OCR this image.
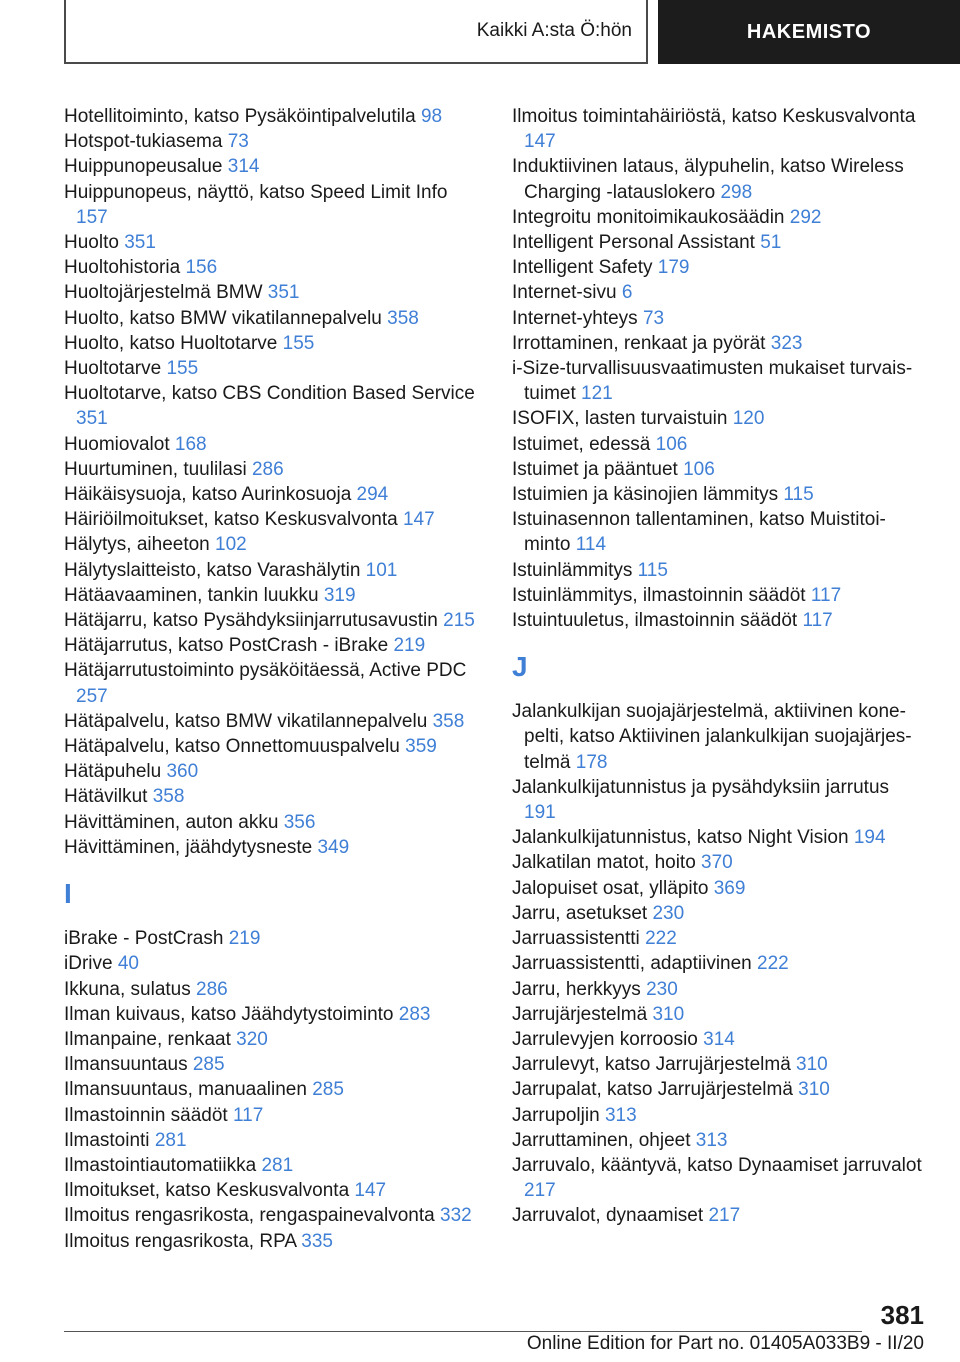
Kaikki A:sta Ö:hön	HAKEMISTO
Hotellitoiminto, katso Pysäköintipalvelutila 98
Hotspot-tukiasema 73
Huippunopeusalue 314
Huippunopeus, näyttö, katso Speed Limit Info 157
Huolto 351
Huoltohistoria 156
Huoltojärjestelmä BMW 351
Huolto, katso BMW vikatilannepalvelu 358
Huolto, katso Huoltotarve 155
Huoltotarve 155
Huoltotarve, katso CBS Condition Based Service 351
Huomiovalot 168
Huurtuminen, tuulilasi 286
Häikäisysuoja, katso Aurinkosuoja 294
Häiriöilmoitukset, katso Keskusvalvonta 147
Hälytys, aiheeton 102
Hälytyslaitteisto, katso Varashälytin 101
Hätäavaaminen, tankin luukku 319
Hätäjarru, katso Pysähdyksiinjarrutusavustin 215
Hätäjarrutus, katso PostCrash - iBrake 219
Hätäjarrutustoiminto pysäköitäessä, Active PDC 257
Hätäpalvelu, katso BMW vikatilannepalvelu 358
Hätäpalvelu, katso Onnettomuuspalvelu 359
Hätäpuhelu 360
Hätävilkut 358
Hävittäminen, auton akku 356
Hävittäminen, jäähdytysneste 349
I
iBrake - PostCrash 219
iDrive 40
Ikkuna, sulatus 286
Ilman kuivaus, katso Jäähdytystoiminto 283
Ilmanpaine, renkaat 320
Ilmansuuntaus 285
Ilmansuuntaus, manuaalinen 285
Ilmastoinnin säädöt 117
Ilmastointi 281
Ilmastointiautomatiikka 281
Ilmoitukset, katso Keskusvalvonta 147
Ilmoitus rengasrikosta, rengaspainevalvonta 332
Ilmoitus rengasrikosta, RPA 335
Ilmoitus toimintahäiriöstä, katso Keskusvalvonta 147
Induktiivinen lataus, älypuhelin, katso Wireless Charging -latauslokero 298
Integroitu monitoimikaukosäädin 292
Intelligent Personal Assistant 51
Intelligent Safety 179
Internet-sivu 6
Internet-yhteys 73
Irrottaminen, renkaat ja pyörät 323
i-Size-turvallisuusvaatimusten mukaiset turvaistuimet 121
ISOFIX, lasten turvaistuin 120
Istuimet, edessä 106
Istuimet ja pääntuet 106
Istuimien ja käsinojien lämmitys 115
Istuinasennon tallentaminen, katso Muistitoiminto 114
Istuinlämmitys 115
Istuinlämmitys, ilmastoinnin säädöt 117
Istuintuuletus, ilmastoinnin säädöt 117
J
Jalankulkijan suojajärjestelmä, aktiivinen konepelti, katso Aktiivinen jalankulkijan suojajärjestelmä 178
Jalankulkijatunnistus ja pysähdyksiin jarrutus 191
Jalankulkijatunnistus, katso Night Vision 194
Jalkatilan matot, hoito 370
Jalopuiset osat, ylläpito 369
Jarru, asetukset 230
Jarruassistentti 222
Jarruassistentti, adaptiivinen 222
Jarru, herkkyys 230
Jarrujärjestelmä 310
Jarrulevyjen korroosio 314
Jarrulevyt, katso Jarrujärjestelmä 310
Jarrupalat, katso Jarrujärjestelmä 310
Jarrupoljin 313
Jarruttaminen, ohjeet 313
Jarruvalo, kääntyvä, katso Dynaamiset jarruvalot 217
Jarruvalot, dynaamiset 217
381
Online Edition for Part no. 01405A033B9 - II/20
